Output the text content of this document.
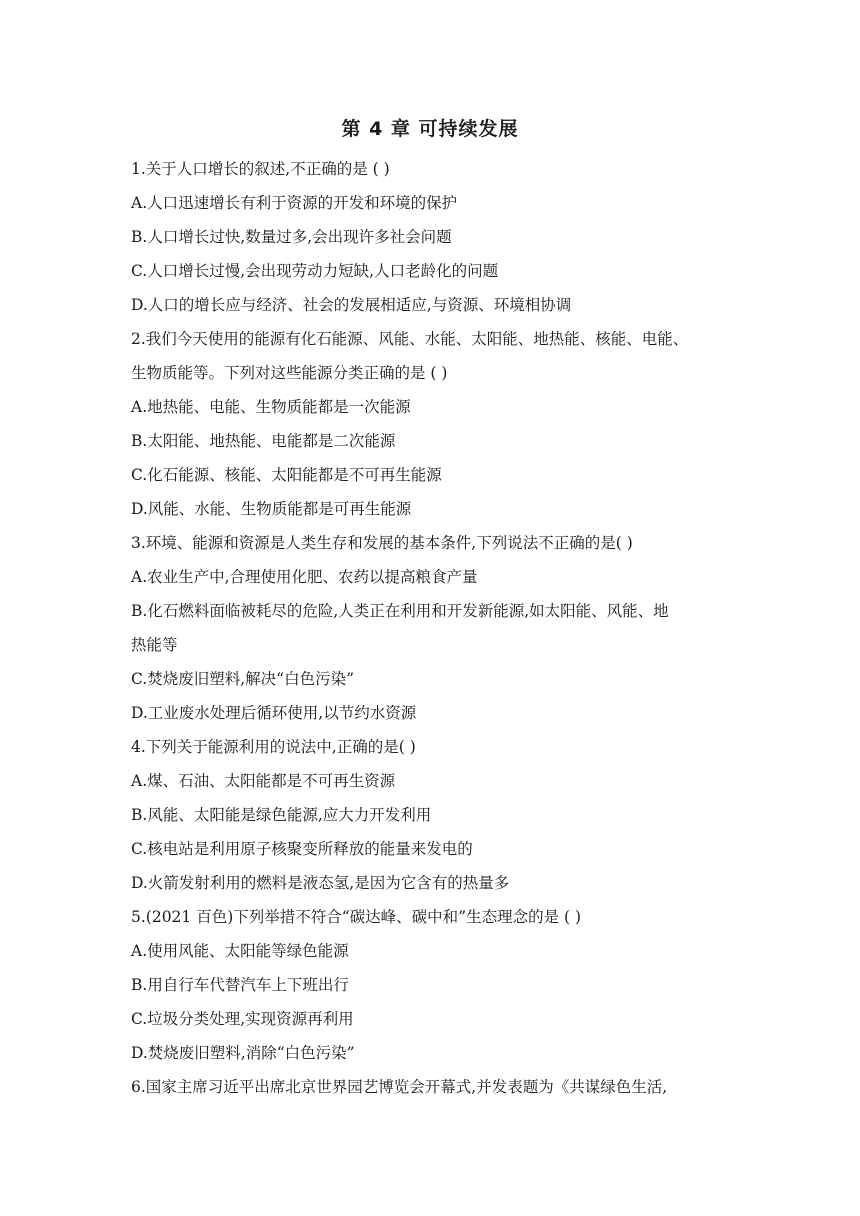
第 4 章 可持续发展
1.关于人口增长的叙述,不正确的是 ( )
A.人口迅速增长有利于资源的开发和环境的保护
B.人口增长过快,数量过多,会出现许多社会问题
C.人口增长过慢,会出现劳动力短缺,人口老龄化的问题
D.人口的增长应与经济、社会的发展相适应,与资源、环境相协调
2.我们今天使用的能源有化石能源、风能、水能、太阳能、地热能、核能、电能、
生物质能等。下列对这些能源分类正确的是 ( )
A.地热能、电能、生物质能都是一次能源
B.太阳能、地热能、电能都是二次能源
C.化石能源、核能、太阳能都是不可再生能源
D.风能、水能、生物质能都是可再生能源
3.环境、能源和资源是人类生存和发展的基本条件,下列说法不正确的是( )
A.农业生产中,合理使用化肥、农药以提高粮食产量
B.化石燃料面临被耗尽的危险,人类正在利用和开发新能源,如太阳能、风能、地
热能等
C.焚烧废旧塑料,解决“白色污染”
D.工业废水处理后循环使用,以节约水资源
4.下列关于能源利用的说法中,正确的是( )
A.煤、石油、太阳能都是不可再生资源
B.风能、太阳能是绿色能源,应大力开发利用
C.核电站是利用原子核聚变所释放的能量来发电的
D.火箭发射利用的燃料是液态氢,是因为它含有的热量多
5.(2021 百色)下列举措不符合“碳达峰、碳中和”生态理念的是 ( )
A.使用风能、太阳能等绿色能源
B.用自行车代替汽车上下班出行
C.垃圾分类处理,实现资源再利用
D.焚烧废旧塑料,消除“白色污染”
6.国家主席习近平出席北京世界园艺博览会开幕式,并发表题为《共谋绿色生活,
